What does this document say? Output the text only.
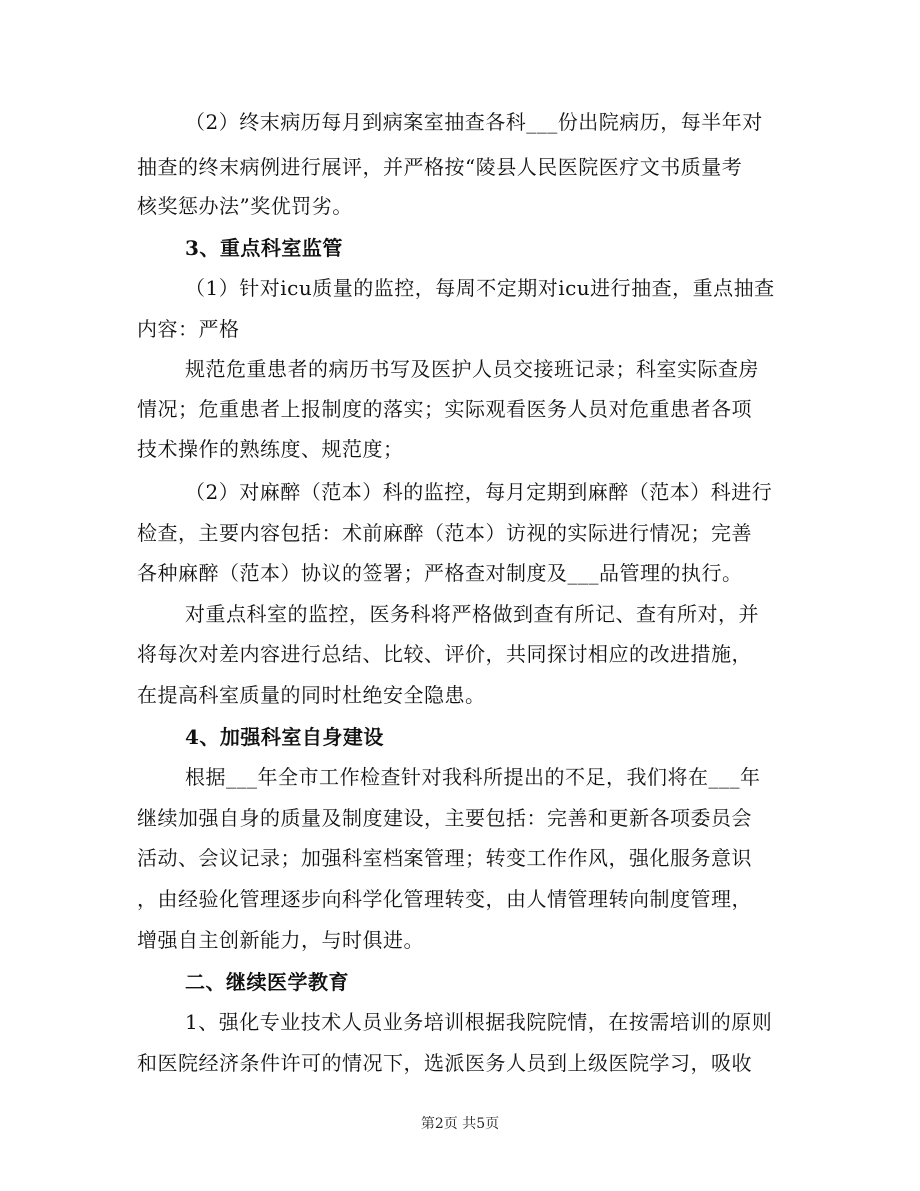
（2）终末病历每月到病案室抽查各科___份出院病历，每半年对
抽查的终末病例进行展评，并严格按“陵县人民医院医疗文书质量考
核奖惩办法”奖优罚劣。
3、重点科室监管
（1）针对icu质量的监控，每周不定期对icu进行抽查，重点抽查
内容：严格
规范危重患者的病历书写及医护人员交接班记录；科室实际查房
情况；危重患者上报制度的落实；实际观看医务人员对危重患者各项
技术操作的熟练度、规范度；
（2）对麻醉（范本）科的监控，每月定期到麻醉（范本）科进行
检查，主要内容包括：术前麻醉（范本）访视的实际进行情况；完善
各种麻醉（范本）协议的签署；严格查对制度及___品管理的执行。
对重点科室的监控，医务科将严格做到查有所记、查有所对，并
将每次对差内容进行总结、比较、评价，共同探讨相应的改进措施，
在提高科室质量的同时杜绝安全隐患。
4、加强科室自身建设
根据___年全市工作检查针对我科所提出的不足，我们将在___年
继续加强自身的质量及制度建设，主要包括：完善和更新各项委员会
活动、会议记录；加强科室档案管理；转变工作作风，强化服务意识
，由经验化管理逐步向科学化管理转变，由人情管理转向制度管理，
增强自主创新能力，与时俱进。
二、继续医学教育
1、强化专业技术人员业务培训根据我院院情，在按需培训的原则
和医院经济条件许可的情况下，选派医务人员到上级医院学习，吸收
第2页 共5页
